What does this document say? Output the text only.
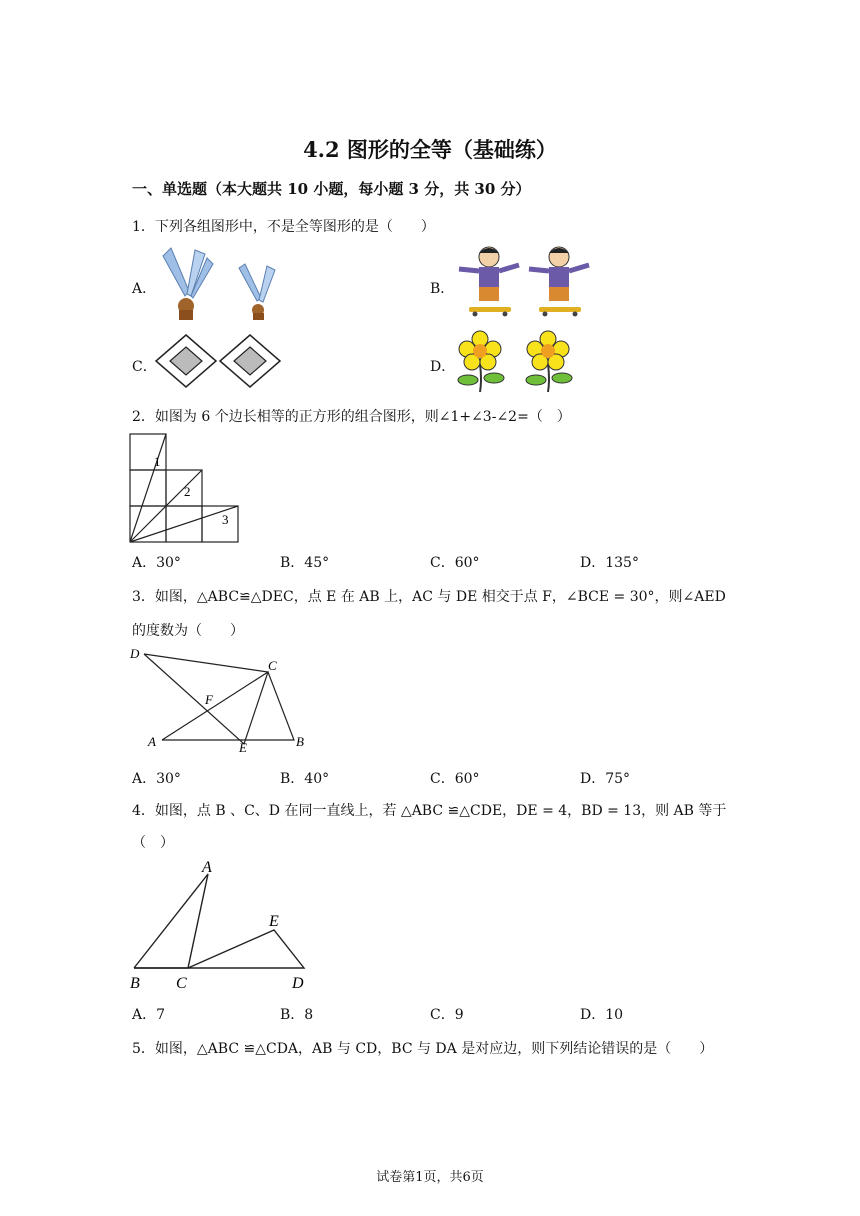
4.2 图形的全等（基础练）
一、单选题（本大题共 10 小题，每小题 3 分，共 30 分）
1．下列各组图形中，不是全等图形的是（　　）
A．	B．
C．	D．
2．如图为 6 个边长相等的正方形的组合图形，则∠1+∠3-∠2=（　）
1
2
3
A．30°	B．45°	C．60°	D．135°
3．如图，△ABC≌△DEC，点 E 在 AB 上，AC 与 DE 相交于点 F，∠BCE = 30°，则∠AED
的度数为（　　）
D
C
F
A	E	B
A．30°	B．40°	C．60°	D．75°
4．如图，点 B 、C、D 在同一直线上，若 △ABC ≌△CDE，DE = 4，BD = 13，则 AB 等于
（　）
A
E
B C	D
A．7	B．8	C．9	D．10
5．如图，△ABC ≌△CDA，AB 与 CD，BC 与 DA 是对应边，则下列结论错误的是（　　）
试卷第1页，共6页
